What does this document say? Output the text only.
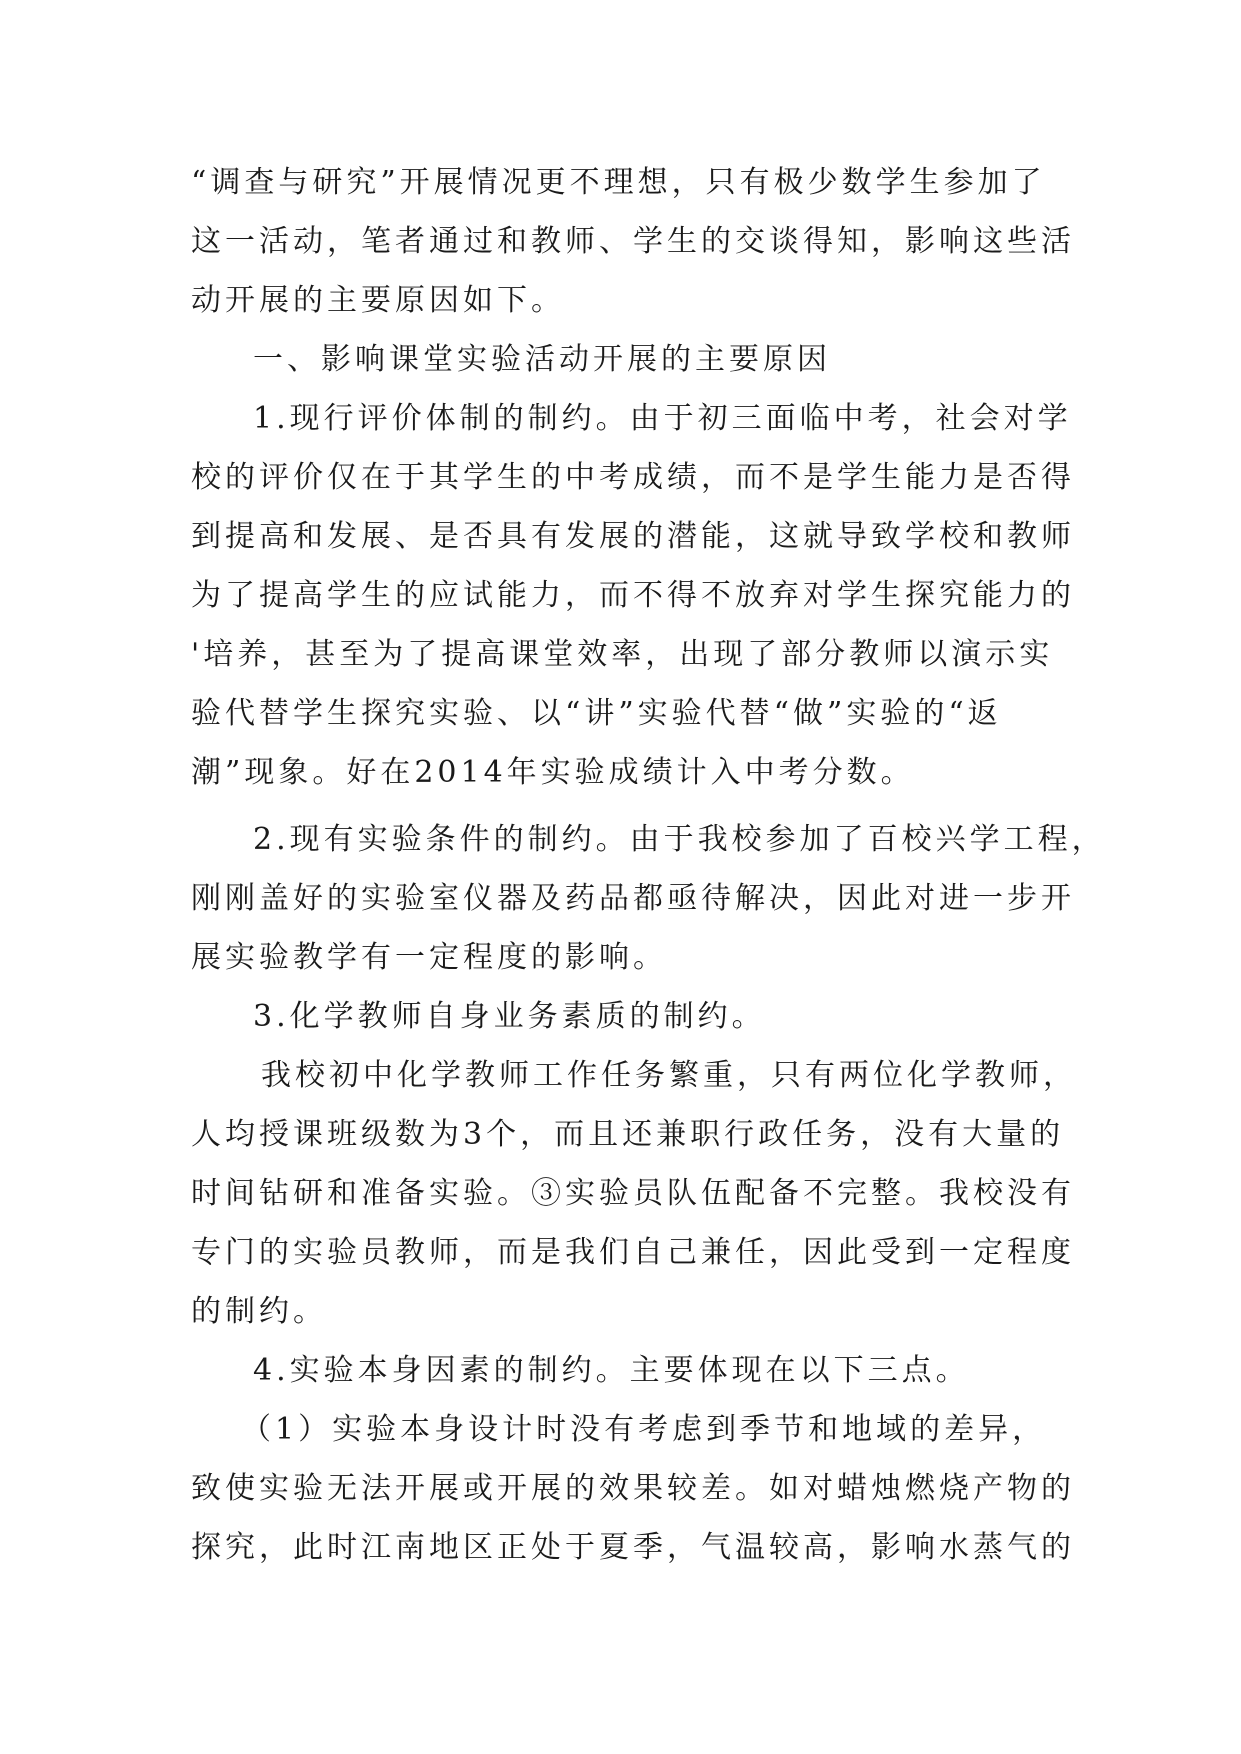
“调查与研究”开展情况更不理想，只有极少数学生参加了
这一活动，笔者通过和教师、学生的交谈得知，影响这些活
动开展的主要原因如下。
一、影响课堂实验活动开展的主要原因
1.现行评价体制的制约。由于初三面临中考，社会对学
校的评价仅在于其学生的中考成绩，而不是学生能力是否得
到提高和发展、是否具有发展的潜能，这就导致学校和教师
为了提高学生的应试能力，而不得不放弃对学生探究能力的
'培养，甚至为了提高课堂效率，出现了部分教师以演示实
验代替学生探究实验、以“讲”实验代替“做”实验的“返
潮”现象。好在2014年实验成绩计入中考分数。
2.现有实验条件的制约。由于我校参加了百校兴学工程，
刚刚盖好的实验室仪器及药品都亟待解决，因此对进一步开
展实验教学有一定程度的影响。
3.化学教师自身业务素质的制约。
我校初中化学教师工作任务繁重，只有两位化学教师，
人均授课班级数为3个，而且还兼职行政任务，没有大量的
时间钻研和准备实验。③实验员队伍配备不完整。我校没有
专门的实验员教师，而是我们自己兼任，因此受到一定程度
的制约。
4.实验本身因素的制约。主要体现在以下三点。
（1）实验本身设计时没有考虑到季节和地域的差异，
致使实验无法开展或开展的效果较差。如对蜡烛燃烧产物的
探究，此时江南地区正处于夏季，气温较高，影响水蒸气的
